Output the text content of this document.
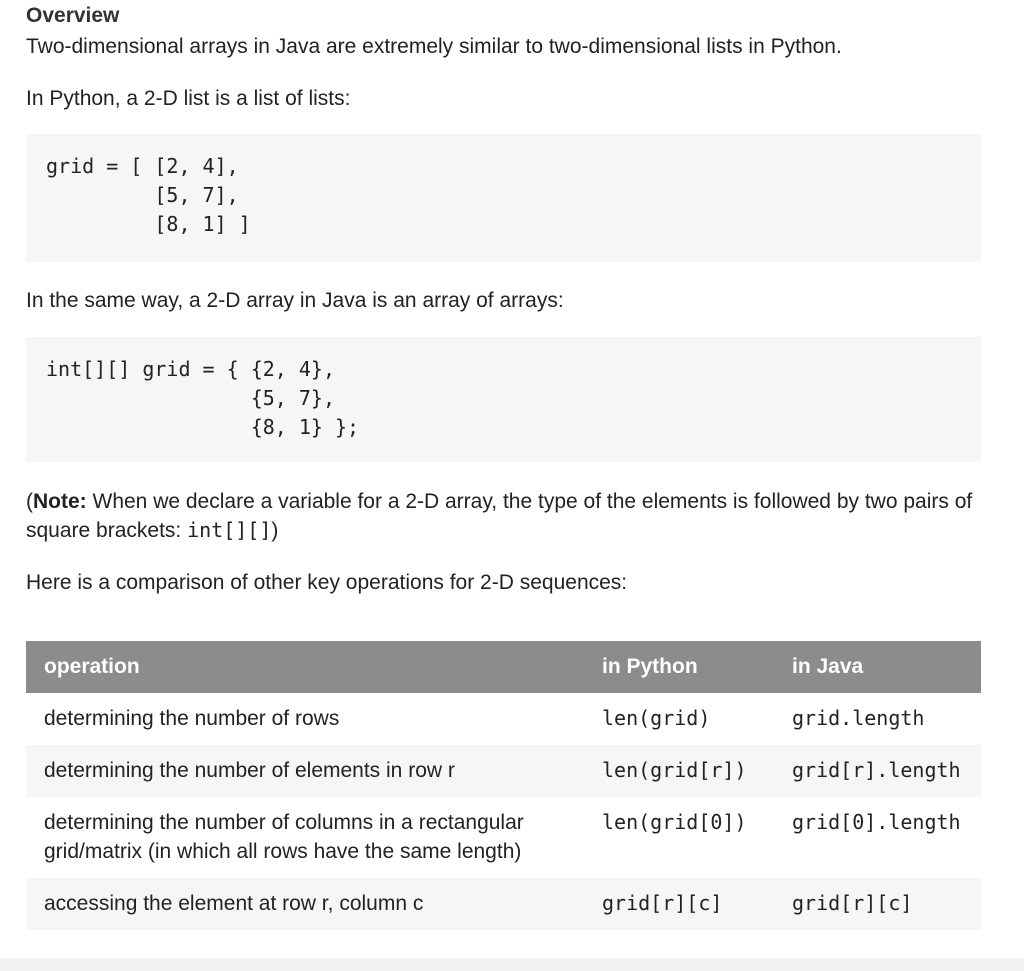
Overview

Two-dimensional arrays in Java are extremely similar to two-dimensional lists in Python.

In Python, a 2-D list is a list of lists:

grid = [ [2, 4],
[5, 7],
[8, 1] ]

In the same way, a 2-D array in Java is an array of arrays:

int[][] grid = { {2, 4},
{5, 7},
{8, 1} };

(Note: When we declare a variable for a 2-D array, the type of the elements is followed by two pairs of square brackets: int[][])

Here is a comparison of other key operations for 2-D sequences:

operation	in Python	in Java
determining the number of rows	len(grid)	grid.length
determining the number of elements in row r	len(grid[r])	grid[r].length
determining the number of columns in a rectangular grid/matrix (in which all rows have the same length)	len(grid[0])	grid[0].length
accessing the element at row r, column c	grid[r][c]	grid[r][c]
